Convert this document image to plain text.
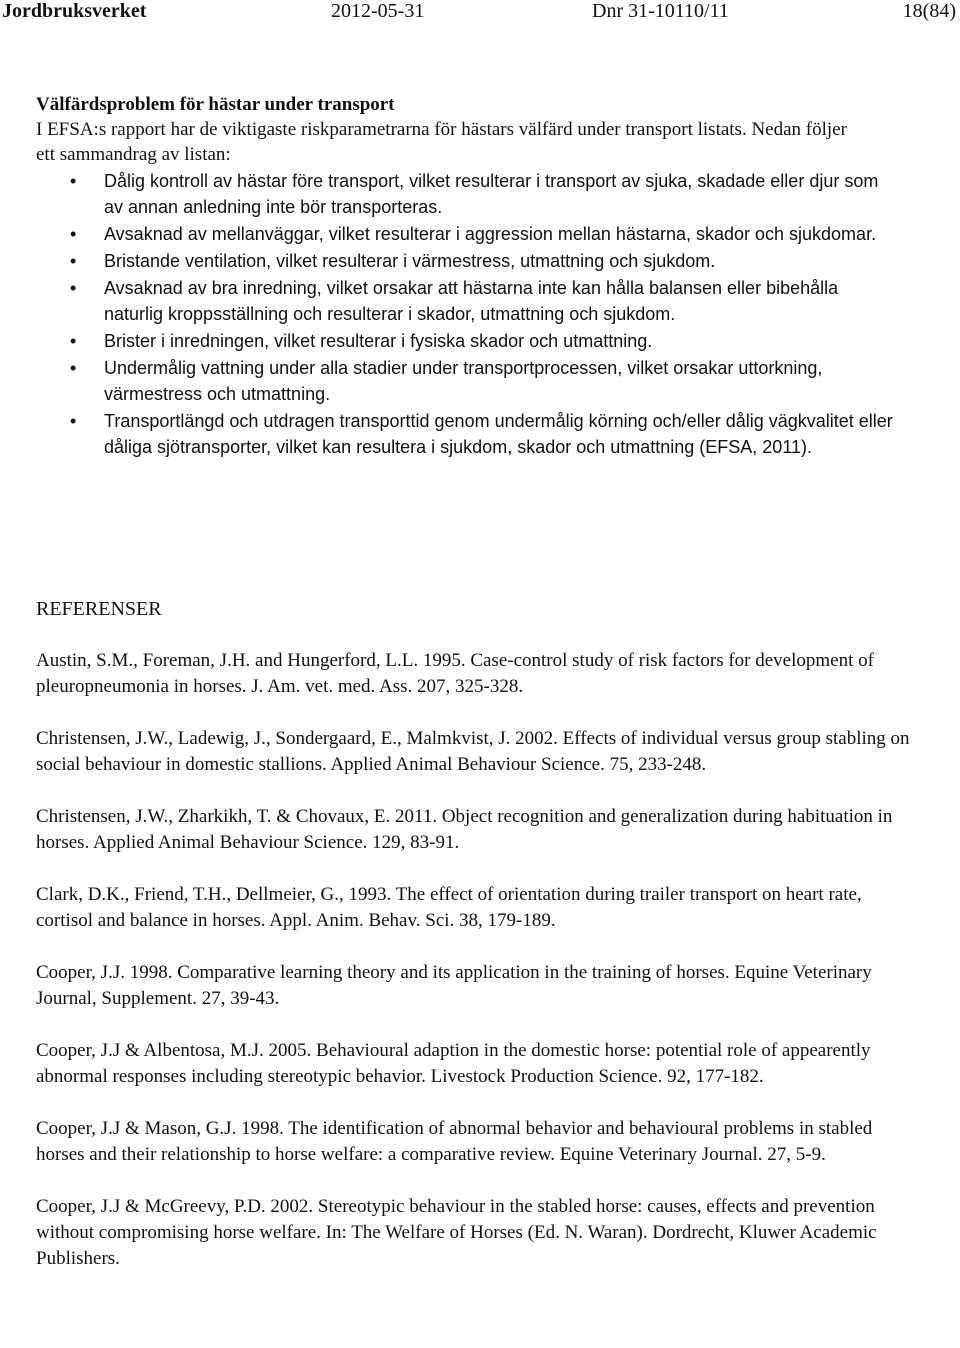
Jordbruksverket	2012-05-31	Dnr 31-10110/11	18(84)
Välfärdsproblem för hästar under transport
I EFSA:s rapport har de viktigaste riskparametrarna för hästars välfärd under transport listats. Nedan följer ett sammandrag av listan:
• Dålig kontroll av hästar före transport, vilket resulterar i transport av sjuka, skadade eller djur som av annan anledning inte bör transporteras.
• Avsaknad av mellanväggar, vilket resulterar i aggression mellan hästarna, skador och sjukdomar.
• Bristande ventilation, vilket resulterar i värmestress, utmattning och sjukdom.
• Avsaknad av bra inredning, vilket orsakar att hästarna inte kan hålla balansen eller bibehålla naturlig kroppsställning och resulterar i skador, utmattning och sjukdom.
• Brister i inredningen, vilket resulterar i fysiska skador och utmattning.
• Undermålig vattning under alla stadier under transportprocessen, vilket orsakar uttorkning, värmestress och utmattning.
• Transportlängd och utdragen transporttid genom undermålig körning och/eller dålig vägkvalitet eller dåliga sjötransporter, vilket kan resultera i sjukdom, skador och utmattning (EFSA, 2011).
REFERENSER

Austin, S.M., Foreman, J.H. and Hungerford, L.L. 1995. Case-control study of risk factors for development of pleuropneumonia in horses. J. Am. vet. med. Ass. 207, 325-328.

Christensen, J.W., Ladewig, J., Sondergaard, E., Malmkvist, J. 2002. Effects of individual versus group stabling on social behaviour in domestic stallions. Applied Animal Behaviour Science. 75, 233-248.

Christensen, J.W., Zharkikh, T. & Chovaux, E. 2011. Object recognition and generalization during habituation in horses. Applied Animal Behaviour Science. 129, 83-91.

Clark, D.K., Friend, T.H., Dellmeier, G., 1993. The effect of orientation during trailer transport on heart rate, cortisol and balance in horses. Appl. Anim. Behav. Sci. 38, 179-189.

Cooper, J.J. 1998. Comparative learning theory and its application in the training of horses. Equine Veterinary Journal, Supplement. 27, 39-43.

Cooper, J.J & Albentosa, M.J. 2005. Behavioural adaption in the domestic horse: potential role of appearently abnormal responses including stereotypic behavior. Livestock Production Science. 92, 177-182.

Cooper, J.J & Mason, G.J. 1998. The identification of abnormal behavior and behavioural problems in stabled horses and their relationship to horse welfare: a comparative review. Equine Veterinary Journal. 27, 5-9.

Cooper, J.J & McGreevy, P.D. 2002. Stereotypic behaviour in the stabled horse: causes, effects and prevention without compromising horse welfare. In: The Welfare of Horses (Ed. N. Waran). Dordrecht, Kluwer Academic Publishers.
